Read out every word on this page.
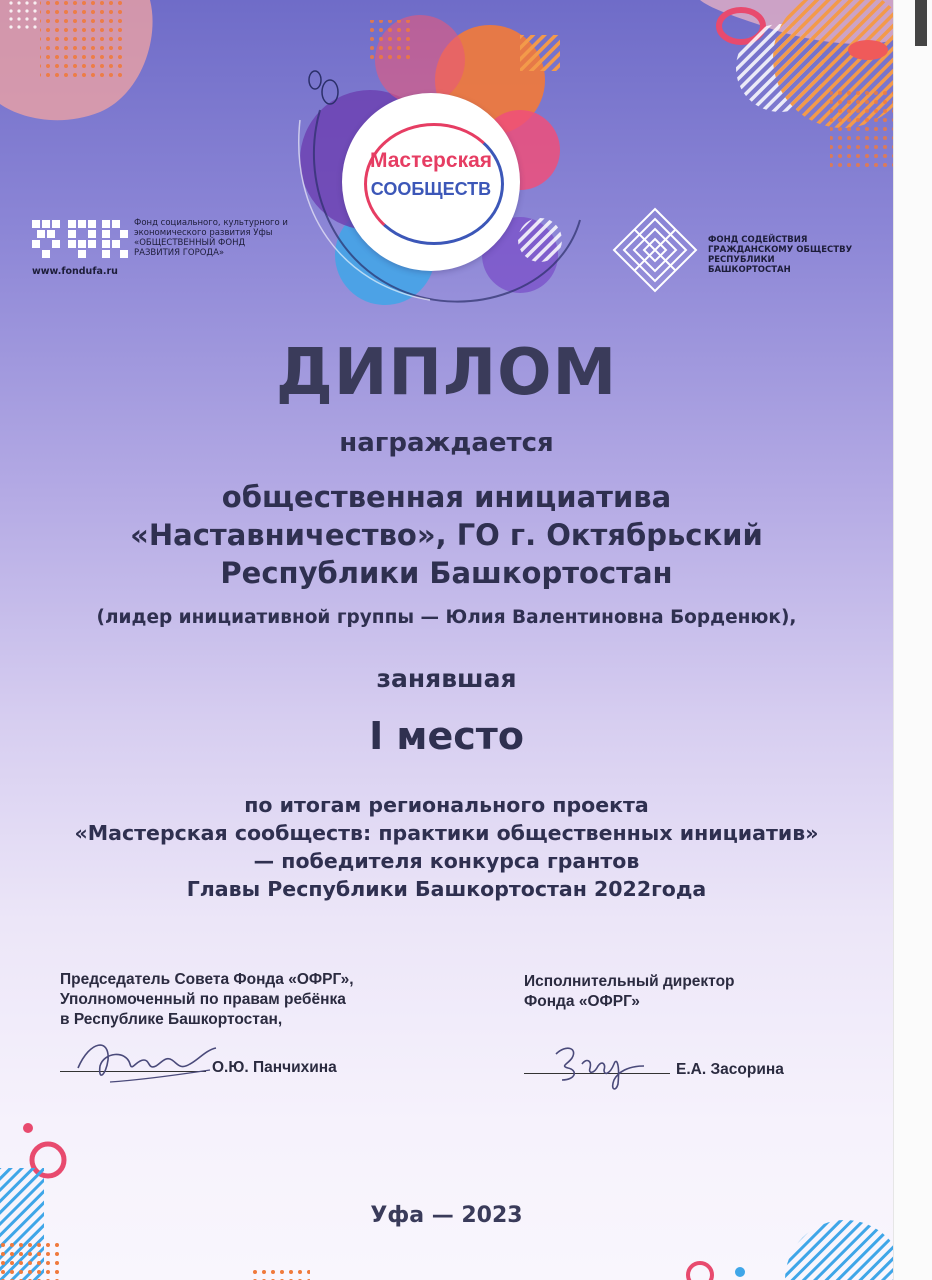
Фонд социального, культурного и
экономического развития Уфы
«ОБЩЕСТВЕННЫЙ ФОНД
РАЗВИТИЯ ГОРОДА»
www.fondufa.ru
Мастерская
СООБЩЕСТВ
ФОНД СОДЕЙСТВИЯ
ГРАЖДАНСКОМУ ОБЩЕСТВУ
РЕСПУБЛИКИ БАШКОРТОСТАН
ДИПЛОМ
награждается
общественная инициатива
«Наставничество», ГО г. Октябрьский
Республики Башкортостан
(лидер инициативной группы — Юлия Валентиновна Борденюк),
занявшая
I место
по итогам регионального проекта
«Мастерская сообществ: практики общественных инициатив»
— победителя конкурса грантов
Главы Республики Башкортостан 2022года
Председатель Совета Фонда «ОФРГ»,
Уполномоченный по правам ребёнка
в Республике Башкортостан,
О.Ю. Панчихина
Исполнительный директор
Фонда «ОФРГ»
Е.А. Засорина
Уфа — 2023
